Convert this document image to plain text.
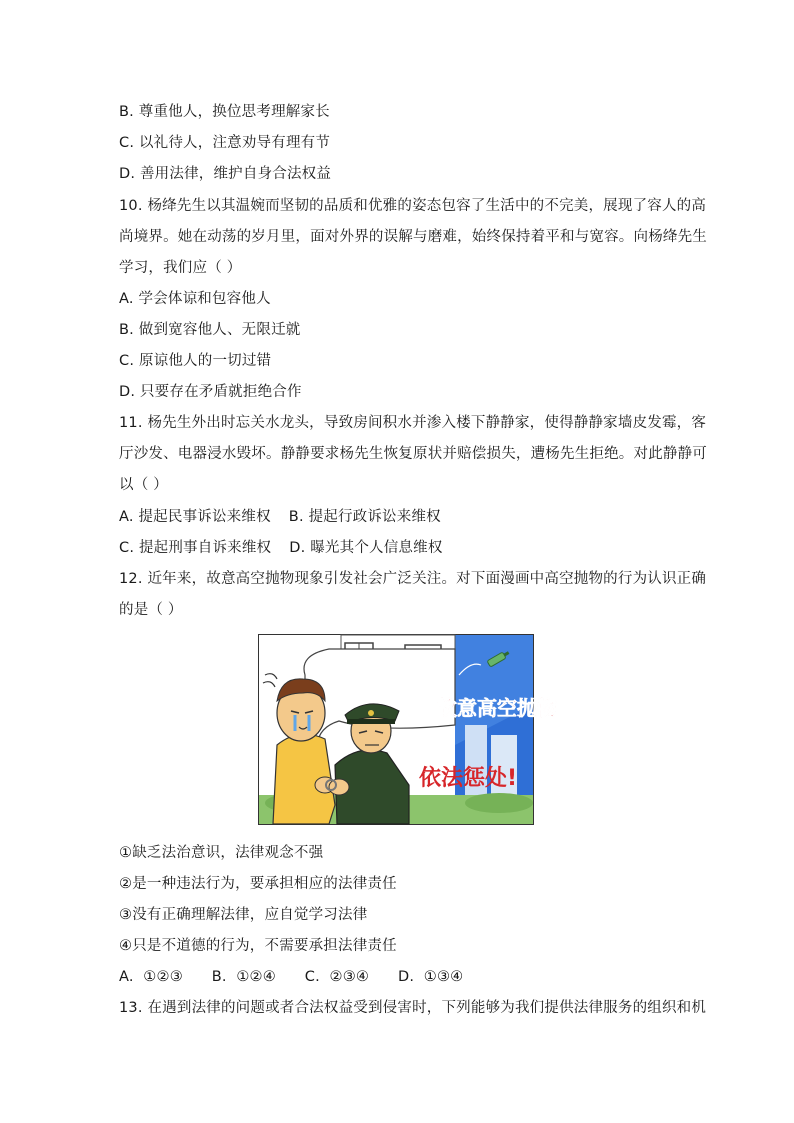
B. 尊重他人，换位思考理解家长
C. 以礼待人，注意劝导有理有节
D. 善用法律，维护自身合法权益
10. 杨绛先生以其温婉而坚韧的品质和优雅的姿态包容了生活中的不完美，展现了容人的高
尚境界。她在动荡的岁月里，面对外界的误解与磨难，始终保持着平和与宽容。向杨绛先生
学习，我们应（ ）
A. 学会体谅和包容他人
B. 做到宽容他人、无限迁就
C. 原谅他人的一切过错
D. 只要存在矛盾就拒绝合作
11. 杨先生外出时忘关水龙头，导致房间积水并渗入楼下静静家，使得静静家墙皮发霉，客
厅沙发、电器浸水毁坏。静静要求杨先生恢复原状并赔偿损失，遭杨先生拒绝。对此静静可
以（ ）
A. 提起民事诉讼来维权 B. 提起行政诉讼来维权
C. 提起刑事自诉来维权 D. 曝光其个人信息维权
12. 近年来，故意高空抛物现象引发社会广泛关注。对下面漫画中高空抛物的行为认识正确
的是（ ）
故意高空抛物
依法惩处!
①缺乏法治意识，法律观念不强
②是一种违法行为，要承担相应的法律责任
③没有正确理解法律，应自觉学习法律
④只是不道德的行为，不需要承担法律责任
A.  ①②③      B.  ①②④      C.  ②③④      D.  ①③④
13. 在遇到法律的问题或者合法权益受到侵害时，下列能够为我们提供法律服务的组织和机
